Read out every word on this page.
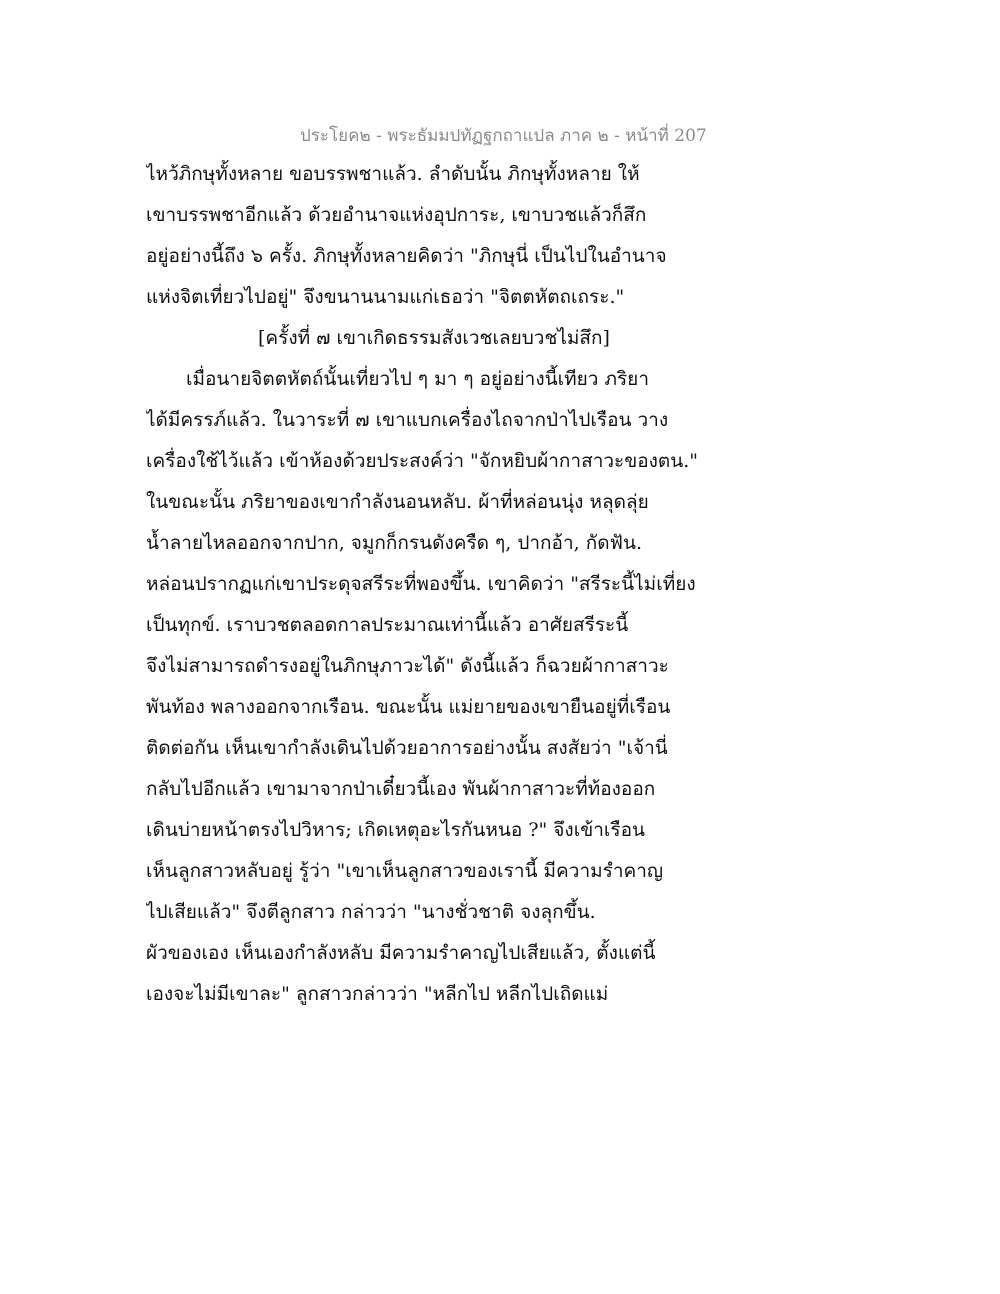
ประโยค๒ - พระธัมมปทัฏฐกถาแปล ภาค ๒ - หน้าที่ 207
ไหว้ภิกษุทั้งหลาย ขอบรรพชาแล้ว. ลำดับนั้น ภิกษุทั้งหลาย ให้
เขาบรรพชาอีกแล้ว ด้วยอำนาจแห่งอุปการะ, เขาบวชแล้วก็สึก
อยู่อย่างนี้ถึง ๖ ครั้ง. ภิกษุทั้งหลายคิดว่า "ภิกษุนี่ เป็นไปในอำนาจ
แห่งจิตเที่ยวไปอยู่" จึงขนานนามแก่เธอว่า "จิตตหัตถเถระ."
[ครั้งที่ ๗ เขาเกิดธรรมสังเวชเลยบวชไม่สึก]
เมื่อนายจิตตหัตถ์นั้นเที่ยวไป ๆ มา ๆ อยู่อย่างนี้เทียว ภริยา
ได้มีครรภ์แล้ว. ในวาระที่ ๗ เขาแบกเครื่องไถจากป่าไปเรือน วาง
เครื่องใช้ไว้แล้ว เข้าห้องด้วยประสงค์ว่า "จักหยิบผ้ากาสาวะของตน."
ในขณะนั้น ภริยาของเขากำลังนอนหลับ. ผ้าที่หล่อนนุ่ง หลุดลุ่ย
น้ำลายไหลออกจากปาก, จมูกก็กรนดังครืด ๆ, ปากอ้า, กัดฟัน.
หล่อนปรากฏแก่เขาประดุจสรีระที่พองขึ้น. เขาคิดว่า "สรีระนี้ไม่เที่ยง
เป็นทุกข์. เราบวชตลอดกาลประมาณเท่านี้แล้ว อาศัยสรีระนี้
จึงไม่สามารถดำรงอยู่ในภิกษุภาวะได้" ดังนี้แล้ว ก็ฉวยผ้ากาสาวะ
พันท้อง พลางออกจากเรือน. ขณะนั้น แม่ยายของเขายืนอยู่ที่เรือน
ติดต่อกัน เห็นเขากำลังเดินไปด้วยอาการอย่างนั้น สงสัยว่า "เจ้านี่
กลับไปอีกแล้ว เขามาจากป่าเดี๋ยวนี้เอง พันผ้ากาสาวะที่ท้องออก
เดินบ่ายหน้าตรงไปวิหาร; เกิดเหตุอะไรกันหนอ ?" จึงเข้าเรือน
เห็นลูกสาวหลับอยู่ รู้ว่า "เขาเห็นลูกสาวของเรานี้ มีความรำคาญ
ไปเสียแล้ว" จึงตีลูกสาว กล่าวว่า "นางชั่วชาติ จงลุกขึ้น.
ผัวของเอง เห็นเองกำลังหลับ มีความรำคาญไปเสียแล้ว, ตั้งแต่นี้
เองจะไม่มีเขาละ" ลูกสาวกล่าวว่า "หลีกไป หลีกไปเถิดแม่
